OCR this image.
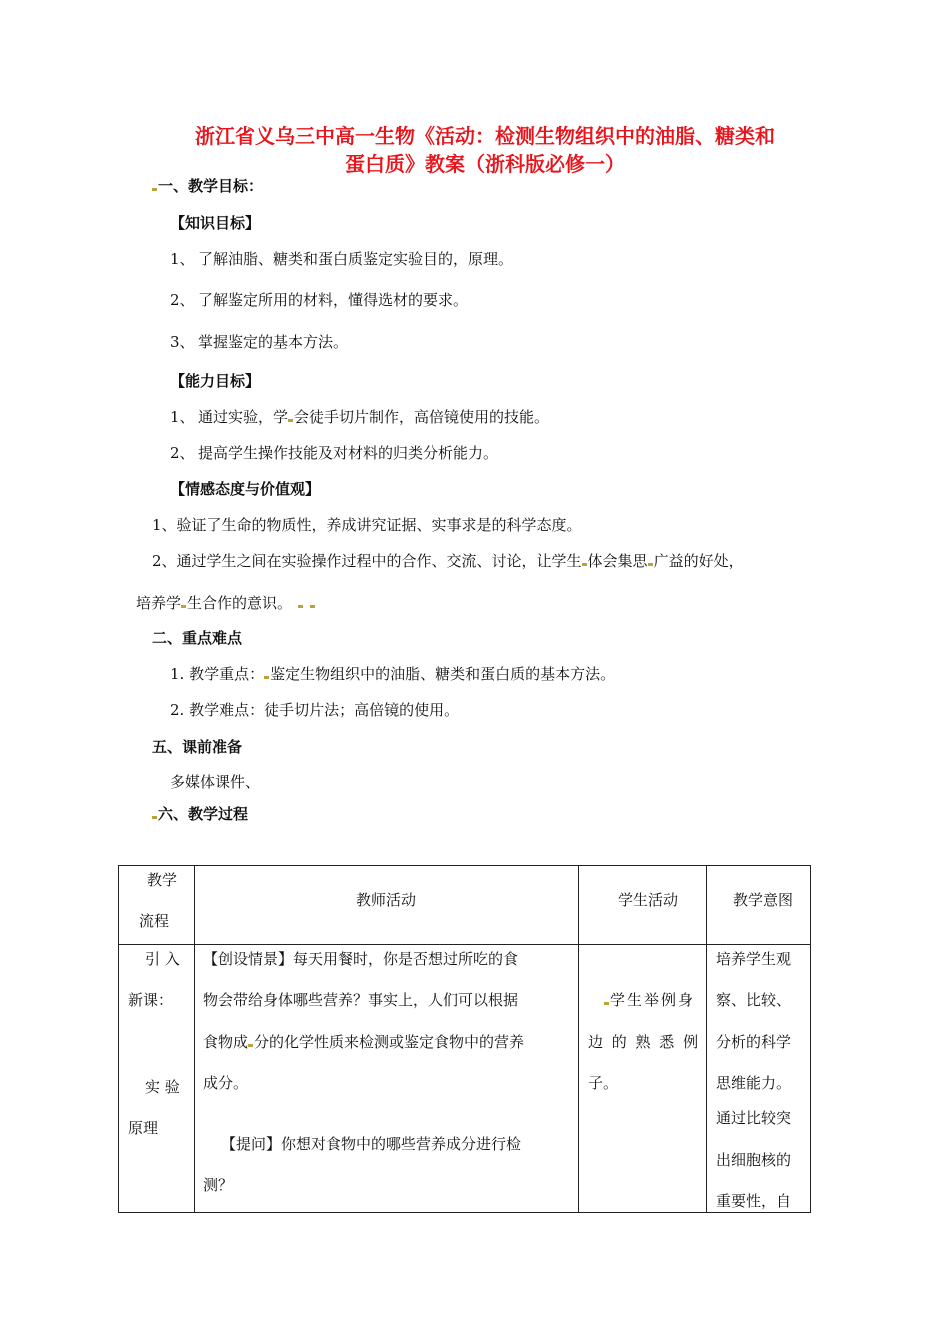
浙江省义乌三中高一生物《活动：检测生物组织中的油脂、糖类和
蛋白质》教案（浙科版必修一）
一、教学目标：
【知识目标】
1、 了解油脂、糖类和蛋白质鉴定实验目的，原理。
2、 了解鉴定所用的材料，懂得选材的要求。
3、 掌握鉴定的基本方法。
【能力目标】
1、 通过实验，学 会徒手切片制作，高倍镜使用的技能。
2、 提高学生操作技能及对材料的归类分析能力。
【情感态度与价值观】
1、验证了生命的物质性，养成讲究证据、实事求是的科学态度。
2、通过学生之间在实验操作过程中的合作、交流、讨论，让学生 体会集思 广益的好处，
培养学 生合作的意识。
二、重点难点
1. 教学重点： 鉴定生物组织中的油脂、糖类和蛋白质的基本方法。
2. 教学难点：徒手切片法；高倍镜的使用。
五、课前准备
多媒体课件、
六、教学过程
教学
流程
教师活动	学生活动	教学意图
引 入
新课：
实 验
原理
【创设情景】每天用餐时，你是否想过所吃的食
物会带给身体哪些营养？事实上，人们可以根据
食物成 分的化学性质来检测或鉴定食物中的营养
成分。
【提问】你想对食物中的哪些营养成分进行检
测？
学生举例身
边 的 熟 悉 例
子。
培养学生观
察、比较、
分析的科学
思维能力。
通过比较突
出细胞核的
重要性，自
